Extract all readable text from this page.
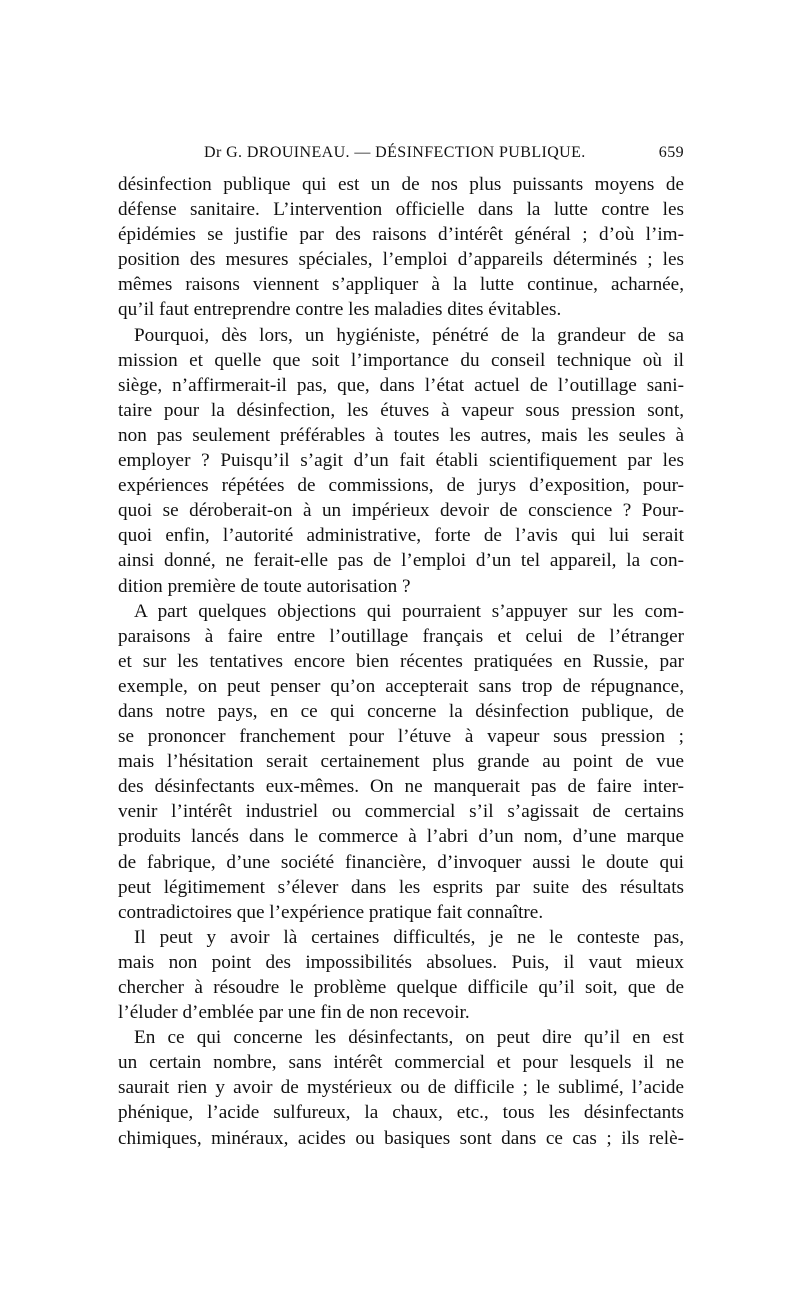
Dr G. DROUINEAU. — DÉSINFECTION PUBLIQUE.	659

désinfection publique qui est un de nos plus puissants moyens de
défense sanitaire. L’intervention officielle dans la lutte contre les
épidémies se justifie par des raisons d’intérêt général ; d’où l’im-
position des mesures spéciales, l’emploi d’appareils déterminés ; les
mêmes raisons viennent s’appliquer à la lutte continue, acharnée,
qu’il faut entreprendre contre les maladies dites évitables.

Pourquoi, dès lors, un hygiéniste, pénétré de la grandeur de sa
mission et quelle que soit l’importance du conseil technique où il
siège, n’affirmerait-il pas, que, dans l’état actuel de l’outillage sani-
taire pour la désinfection, les étuves à vapeur sous pression sont,
non pas seulement préférables à toutes les autres, mais les seules à
employer ? Puisqu’il s’agit d’un fait établi scientifiquement par les
expériences répétées de commissions, de jurys d’exposition, pour-
quoi se déroberait-on à un impérieux devoir de conscience ? Pour-
quoi enfin, l’autorité administrative, forte de l’avis qui lui serait
ainsi donné, ne ferait-elle pas de l’emploi d’un tel appareil, la con-
dition première de toute autorisation ?

A part quelques objections qui pourraient s’appuyer sur les com-
paraisons à faire entre l’outillage français et celui de l’étranger
et sur les tentatives encore bien récentes pratiquées en Russie, par
exemple, on peut penser qu’on accepterait sans trop de répugnance,
dans notre pays, en ce qui concerne la désinfection publique, de
se prononcer franchement pour l’étuve à vapeur sous pression ;
mais l’hésitation serait certainement plus grande au point de vue
des désinfectants eux-mêmes. On ne manquerait pas de faire inter-
venir l’intérêt industriel ou commercial s’il s’agissait de certains
produits lancés dans le commerce à l’abri d’un nom, d’une marque
de fabrique, d’une société financière, d’invoquer aussi le doute qui
peut légitimement s’élever dans les esprits par suite des résultats
contradictoires que l’expérience pratique fait connaître.

Il peut y avoir là certaines difficultés, je ne le conteste pas,
mais non point des impossibilités absolues. Puis, il vaut mieux
chercher à résoudre le problème quelque difficile qu’il soit, que de
l’éluder d’emblée par une fin de non recevoir.

En ce qui concerne les désinfectants, on peut dire qu’il en est
un certain nombre, sans intérêt commercial et pour lesquels il ne
saurait rien y avoir de mystérieux ou de difficile ; le sublimé, l’acide
phénique, l’acide sulfureux, la chaux, etc., tous les désinfectants
chimiques, minéraux, acides ou basiques sont dans ce cas ; ils relè-
